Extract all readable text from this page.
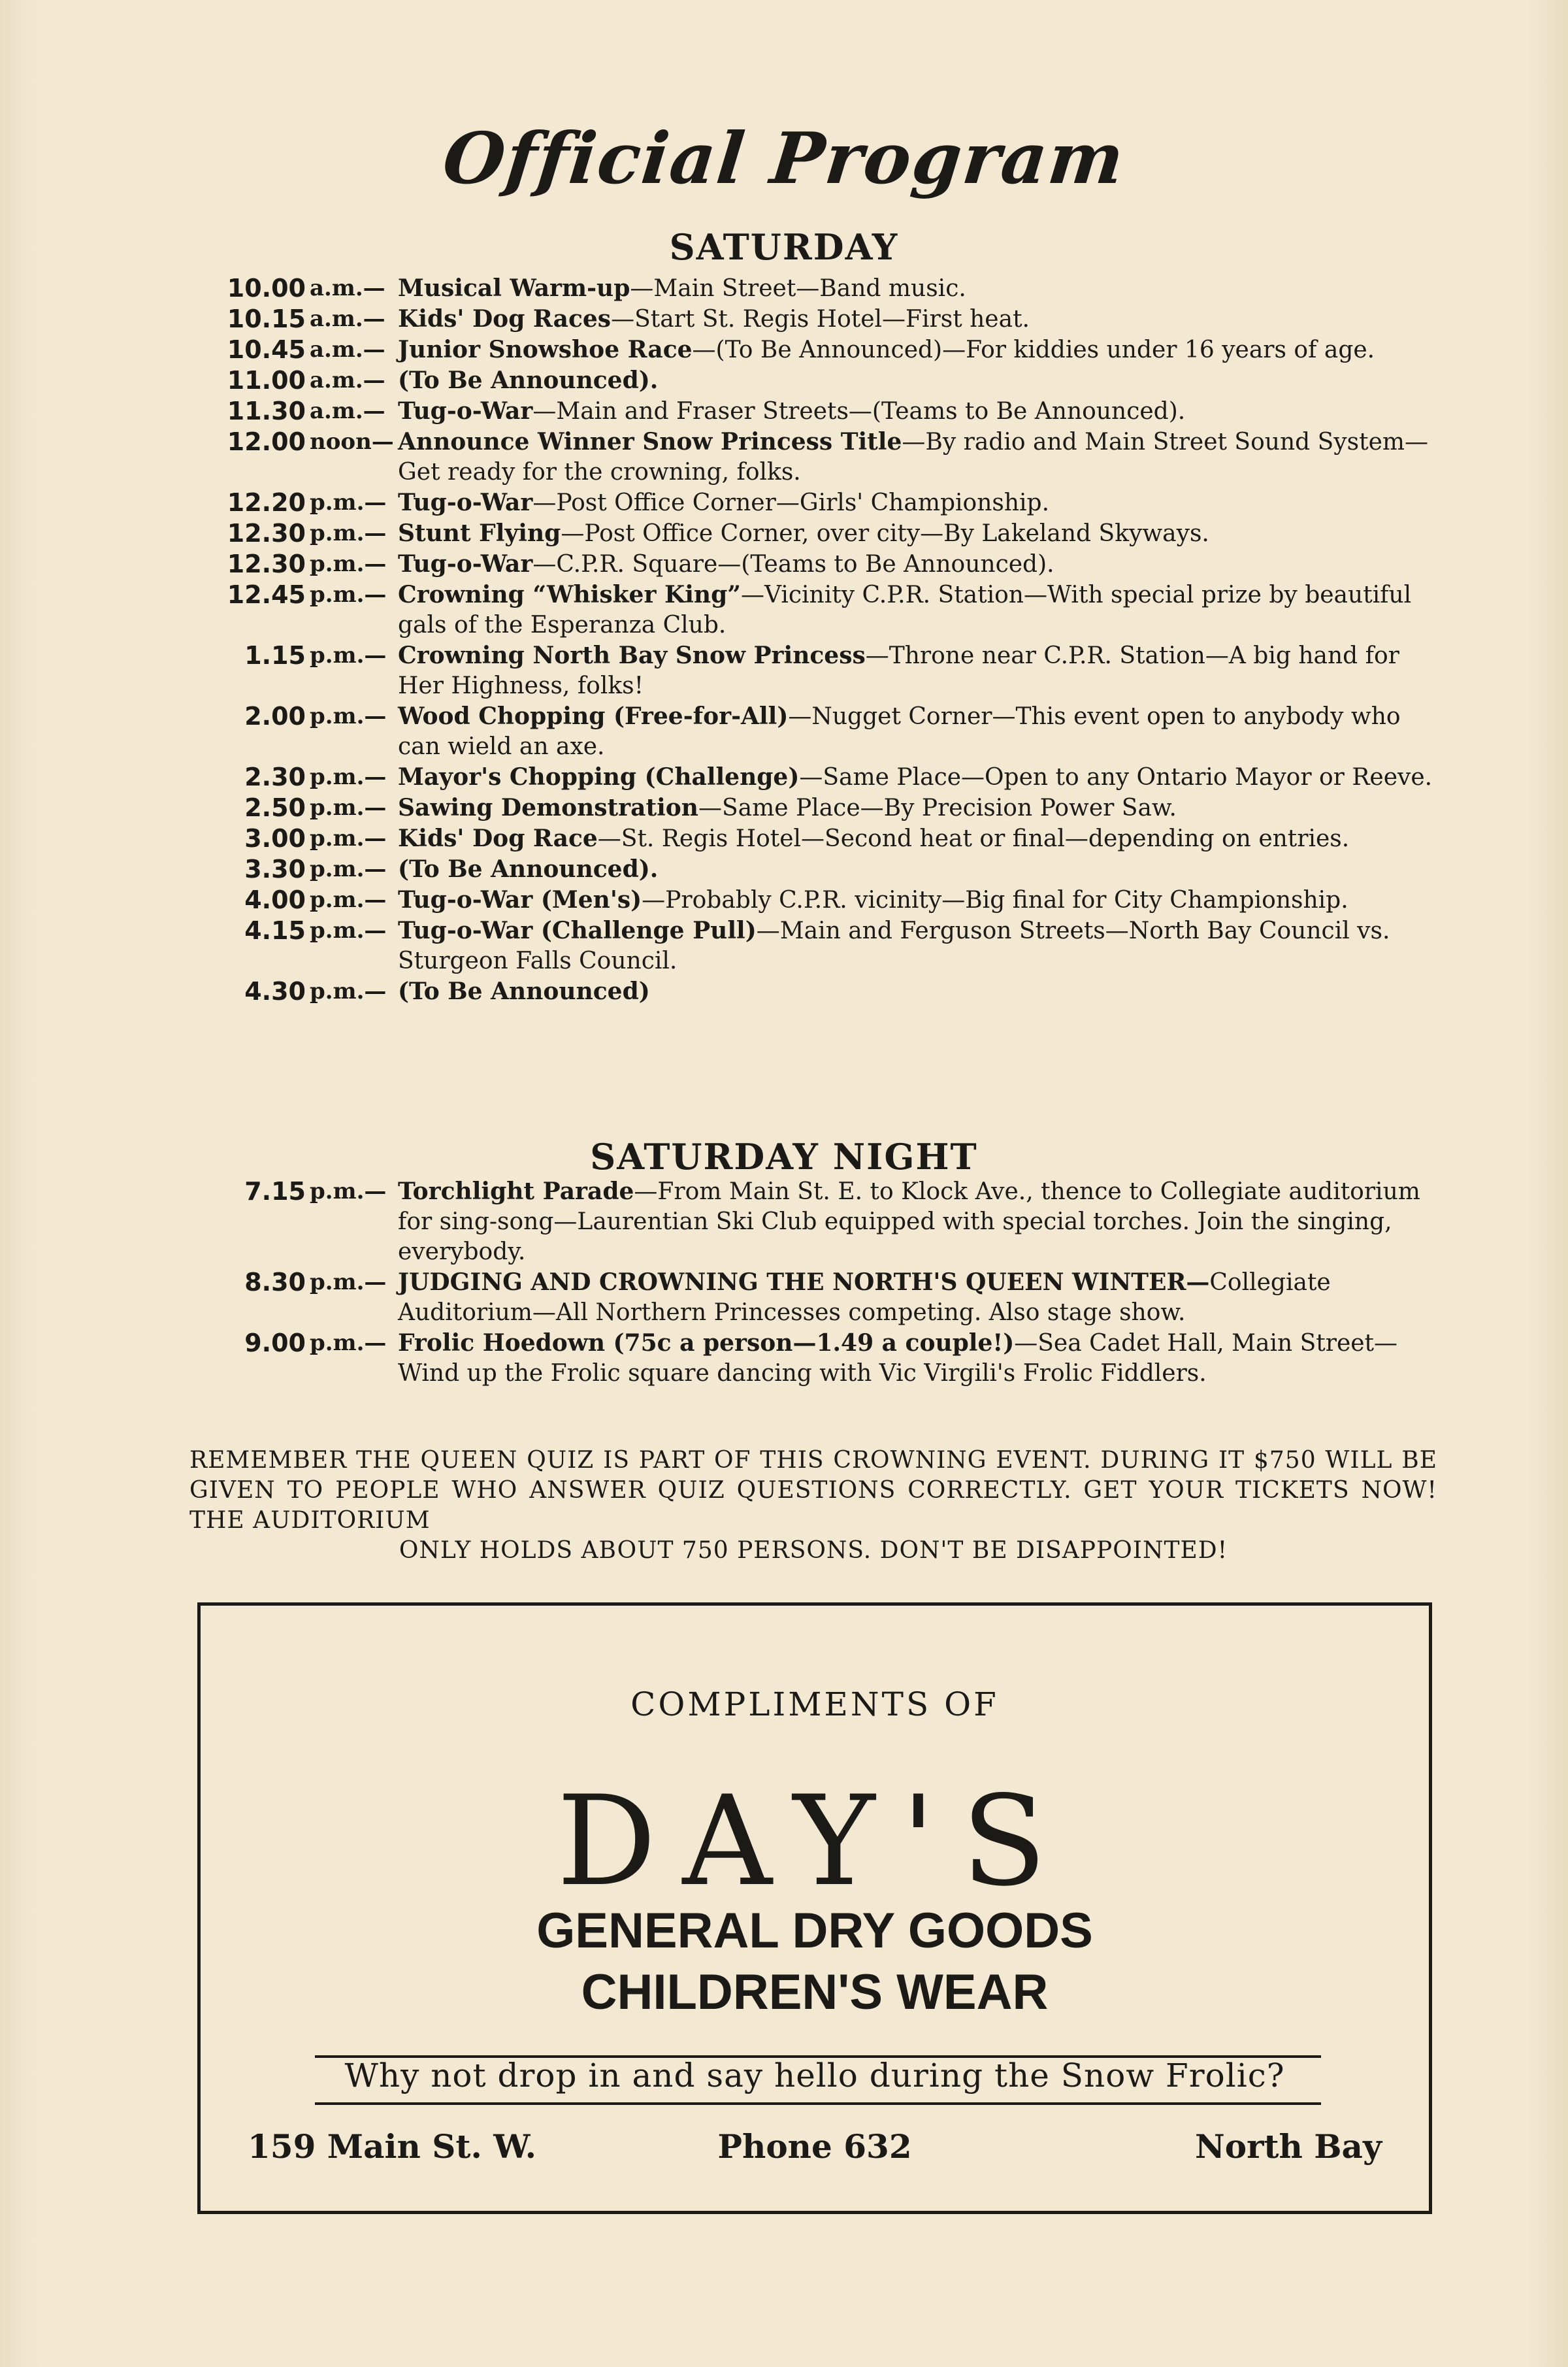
Official Program
SATURDAY
10.00 a.m.— Musical Warm-up—Main Street—Band music.
10.15 a.m.— Kids' Dog Races—Start St. Regis Hotel—First heat.
10.45 a.m.— Junior Snowshoe Race—(To Be Announced)—For kiddies under 16 years of age.
11.00 a.m.— (To Be Announced).
11.30 a.m.— Tug-o-War—Main and Fraser Streets—(Teams to Be Announced).
12.00 noon— Announce Winner Snow Princess Title—By radio and Main Street Sound System—Get ready for the crowning, folks.
12.20 p.m.— Tug-o-War—Post Office Corner—Girls' Championship.
12.30 p.m.— Stunt Flying—Post Office Corner, over city—By Lakeland Skyways.
12.30 p.m.— Tug-o-War—C.P.R. Square—(Teams to Be Announced).
12.45 p.m.— Crowning “Whisker King”—Vicinity C.P.R. Station—With special prize by beautiful gals of the Esperanza Club.
1.15 p.m.— Crowning North Bay Snow Princess—Throne near C.P.R. Station—A big hand for Her Highness, folks!
2.00 p.m.— Wood Chopping (Free-for-All)—Nugget Corner—This event open to anybody who can wield an axe.
2.30 p.m.— Mayor's Chopping (Challenge)—Same Place—Open to any Ontario Mayor or Reeve.
2.50 p.m.— Sawing Demonstration—Same Place—By Precision Power Saw.
3.00 p.m.— Kids' Dog Race—St. Regis Hotel—Second heat or final—depending on entries.
3.30 p.m.— (To Be Announced).
4.00 p.m.— Tug-o-War (Men's)—Probably C.P.R. vicinity—Big final for City Championship.
4.15 p.m.— Tug-o-War (Challenge Pull)—Main and Ferguson Streets—North Bay Council vs. Sturgeon Falls Council.
4.30 p.m.— (To Be Announced)
SATURDAY NIGHT
7.15 p.m.— Torchlight Parade—From Main St. E. to Klock Ave., thence to Collegiate auditorium for sing-song—Laurentian Ski Club equipped with special torches. Join the singing, everybody.
8.30 p.m.— JUDGING AND CROWNING THE NORTH'S QUEEN WINTER—Collegiate Auditorium—All Northern Princesses competing. Also stage show.
9.00 p.m.— Frolic Hoedown (75c a person—1.49 a couple!)—Sea Cadet Hall, Main Street—Wind up the Frolic square dancing with Vic Virgili's Frolic Fiddlers.
REMEMBER THE QUEEN QUIZ IS PART OF THIS CROWNING EVENT. DURING IT $750 WILL BE GIVEN TO PEOPLE WHO ANSWER QUIZ QUESTIONS CORRECTLY. GET YOUR TICKETS NOW! THE AUDITORIUM
ONLY HOLDS ABOUT 750 PERSONS. DON'T BE DISAPPOINTED!
COMPLIMENTS OF
DAY'S
GENERAL DRY GOODS
CHILDREN'S WEAR
Why not drop in and say hello during the Snow Frolic?
159 Main St. W.	Phone 632	North Bay
